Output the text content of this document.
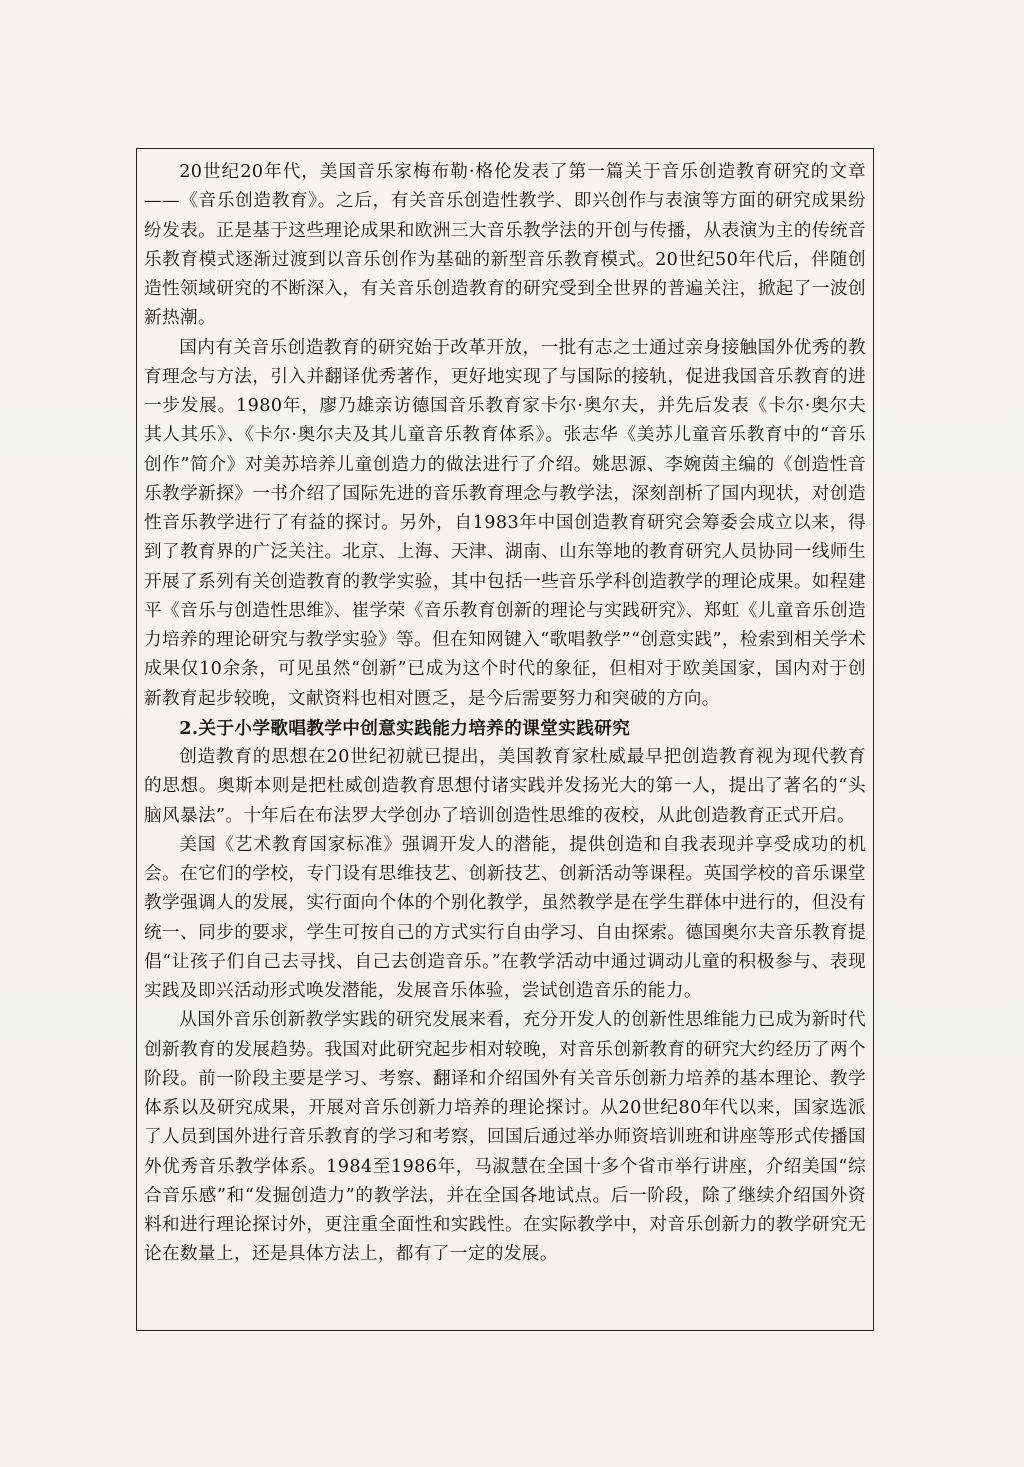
20世纪20年代，美国音乐家梅布勒·格伦发表了第一篇关于音乐创造教育研究的文章——《音乐创造教育》。之后，有关音乐创造性教学、即兴创作与表演等方面的研究成果纷纷发表。正是基于这些理论成果和欧洲三大音乐教学法的开创与传播，从表演为主的传统音乐教育模式逐渐过渡到以音乐创作为基础的新型音乐教育模式。20世纪50年代后，伴随创造性领域研究的不断深入，有关音乐创造教育的研究受到全世界的普遍关注，掀起了一波创新热潮。

国内有关音乐创造教育的研究始于改革开放，一批有志之士通过亲身接触国外优秀的教育理念与方法，引入并翻译优秀著作，更好地实现了与国际的接轨，促进我国音乐教育的进一步发展。1980年，廖乃雄亲访德国音乐教育家卡尔·奥尔夫，并先后发表《卡尔·奥尔夫其人其乐》、《卡尔·奥尔夫及其儿童音乐教育体系》。张志华《美苏儿童音乐教育中的“音乐创作”简介》对美苏培养儿童创造力的做法进行了介绍。姚思源、李婉茵主编的《创造性音乐教学新探》一书介绍了国际先进的音乐教育理念与教学法，深刻剖析了国内现状，对创造性音乐教学进行了有益的探讨。另外，自1983年中国创造教育研究会筹委会成立以来，得到了教育界的广泛关注。北京、上海、天津、湖南、山东等地的教育研究人员协同一线师生开展了系列有关创造教育的教学实验，其中包括一些音乐学科创造教学的理论成果。如程建平《音乐与创造性思维》、崔学荣《音乐教育创新的理论与实践研究》、郑虹《儿童音乐创造力培养的理论研究与教学实验》等。但在知网键入“歌唱教学”“创意实践”，检索到相关学术成果仅10余条，可见虽然“创新”已成为这个时代的象征，但相对于欧美国家，国内对于创新教育起步较晚，文献资料也相对匮乏，是今后需要努力和突破的方向。

2.关于小学歌唱教学中创意实践能力培养的课堂实践研究

创造教育的思想在20世纪初就已提出，美国教育家杜威最早把创造教育视为现代教育的思想。奥斯本则是把杜威创造教育思想付诸实践并发扬光大的第一人，提出了著名的“头脑风暴法”。十年后在布法罗大学创办了培训创造性思维的夜校，从此创造教育正式开启。

美国《艺术教育国家标准》强调开发人的潜能，提供创造和自我表现并享受成功的机会。在它们的学校，专门设有思维技艺、创新技艺、创新活动等课程。英国学校的音乐课堂教学强调人的发展，实行面向个体的个别化教学，虽然教学是在学生群体中进行的，但没有统一、同步的要求，学生可按自己的方式实行自由学习、自由探索。德国奥尔夫音乐教育提倡“让孩子们自己去寻找、自己去创造音乐。”在教学活动中通过调动儿童的积极参与、表现实践及即兴活动形式唤发潜能，发展音乐体验，尝试创造音乐的能力。

从国外音乐创新教学实践的研究发展来看，充分开发人的创新性思维能力已成为新时代创新教育的发展趋势。我国对此研究起步相对较晚，对音乐创新教育的研究大约经历了两个阶段。前一阶段主要是学习、考察、翻译和介绍国外有关音乐创新力培养的基本理论、教学体系以及研究成果，开展对音乐创新力培养的理论探讨。从20世纪80年代以来，国家选派了人员到国外进行音乐教育的学习和考察，回国后通过举办师资培训班和讲座等形式传播国外优秀音乐教学体系。1984至1986年，马淑慧在全国十多个省市举行讲座，介绍美国“综合音乐感”和“发掘创造力”的教学法，并在全国各地试点。后一阶段，除了继续介绍国外资料和进行理论探讨外，更注重全面性和实践性。在实际教学中，对音乐创新力的教学研究无论在数量上，还是具体方法上，都有了一定的发展。
